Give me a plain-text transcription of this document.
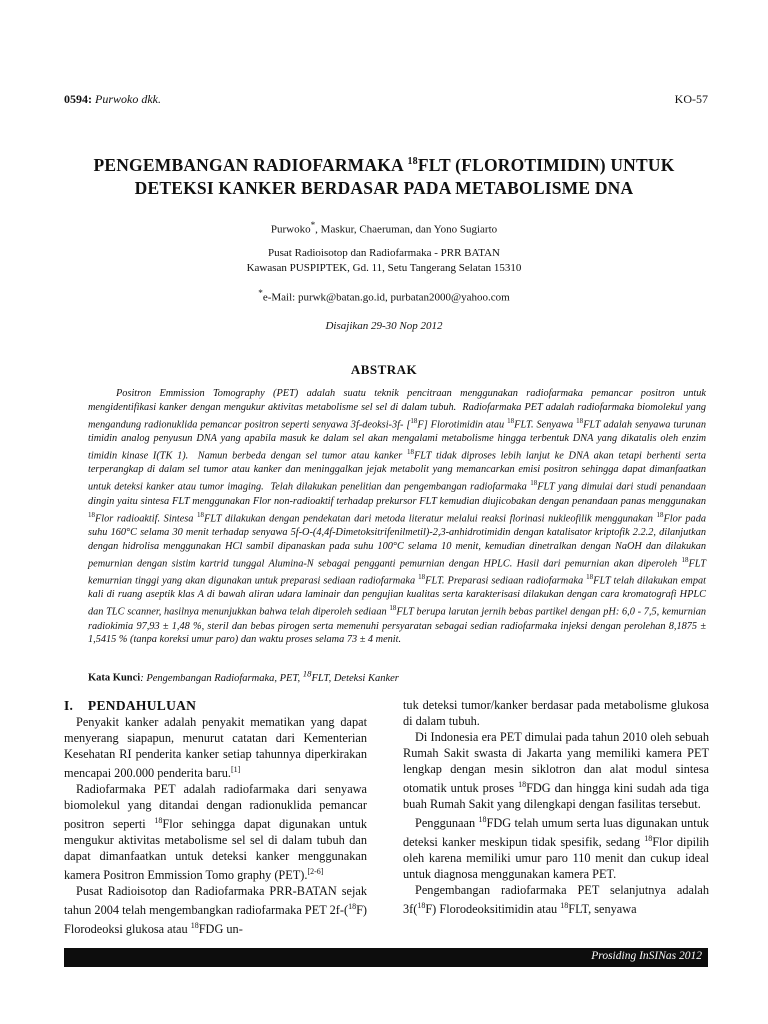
0594: Purwoko dkk.	KO-57
PENGEMBANGAN RADIOFARMAKA $^{18}$FLT (FLOROTIMIDIN) UNTUK
DETEKSI KANKER BERDASAR PADA METABOLISME DNA
Purwoko*, Maskur, Chaeruman, dan Yono Sugiarto
Pusat Radioisotop dan Radiofarmaka - PRR BATAN
Kawasan PUSPIPTEK, Gd. 11, Setu Tangerang Selatan 15310
*e-Mail: purwk@batan.go.id, purbatan2000@yahoo.com
Disajikan 29-30 Nop 2012
ABSTRAK
Positron Emmission Tomography (PET) adalah suatu teknik pencitraan menggunakan radiofarmaka pemancar positron untuk mengidentifikasi kanker dengan mengukur aktivitas metabolisme sel sel di dalam tubuh.  Radiofarmaka PET adalah radiofarmaka biomolekul yang mengandung radionuklida pemancar positron seperti senyawa 3f-deoksi-3f- [$^{18}$F] Florotimidin atau $^{18}$FLT. Senyawa $^{18}$FLT adalah senyawa turunan timidin analog penyusun DNA yang apabila masuk ke dalam sel akan mengalami metabolisme hingga terbentuk DNA yang dikatalis oleh enzim timidin kinase I(TK 1).  Namun berbeda dengan sel tumor atau kanker $^{18}$FLT tidak diproses lebih lanjut ke DNA akan tetapi berhenti serta terperangkap di dalam sel tumor atau kanker dan meninggalkan jejak metabolit yang memancarkan emisi positron sehingga dapat dimanfaatkan untuk deteksi kanker atau tumor imaging.  Telah dilakukan penelitian dan pengembangan radiofarmaka $^{18}$FLT yang dimulai dari studi penandaan dingin yaitu sintesa FLT menggunakan Flor non-radioaktif terhadap prekursor FLT kemudian diujicobakan dengan penandaan panas menggunakan $^{18}$Flor radioaktif. Sintesa $^{18}$FLT dilakukan dengan pendekatan dari metoda literatur melalui reaksi florinasi nukleofilik menggunakan $^{18}$Flor pada suhu 160°C selama 30 menit terhadap senyawa 5f-O-(4,4f-Dimetoksitrifenilmetil)-2,3-anhidrotimidin dengan katalisator kriptofik 2.2.2, dilanjutkan dengan hidrolisa menggunakan HCl sambil dipanaskan pada suhu 100°C selama 10 menit, kemudian dinetralkan dengan NaOH dan dilakukan pemurnian dengan sistim kartrid tunggal Alumina-N sebagai pengganti pemurnian dengan HPLC. Hasil dari pemurnian akan diperoleh $^{18}$FLT kemurnian tinggi yang akan digunakan untuk preparasi sediaan radiofarmaka $^{18}$FLT. Preparasi sediaan radiofarmaka $^{18}$FLT telah dilakukan empat kali di ruang aseptik klas A di bawah aliran udara laminair dan pengujian kualitas serta karakterisasi dilakukan dengan cara kromatografi HPLC dan TLC scanner, hasilnya menunjukkan bahwa telah diperoleh sediaan $^{18}$FLT berupa larutan jernih bebas partikel dengan pH: 6,0 - 7,5, kemurnian radiokimia 97,93 ± 1,48 %, steril dan bebas pirogen serta memenuhi persyaratan sebagai sedian radiofarmaka injeksi dengan perolehan 8,1875 ± 1,5415 % (tanpa koreksi umur paro) dan waktu proses selama 73 ± 4 menit.
Kata Kunci: Pengembangan Radiofarmaka, PET, $^{18}$FLT, Deteksi Kanker
I.    PENDAHULUAN

Penyakit kanker adalah penyakit mematikan yang dapat menyerang siapapun, menurut catatan dari Kementerian Kesehatan RI penderita kanker setiap tahunnya diperkirakan mencapai 200.000 penderita baru.[1]

Radiofarmaka PET adalah radiofarmaka dari senyawa biomolekul yang ditandai dengan radionuklida pemancar positron seperti $^{18}$Flor sehingga dapat digunakan untuk mengukur aktivitas metabolisme sel sel di dalam tubuh dan dapat dimanfaatkan untuk deteksi kanker menggunakan kamera Positron Emmission Tomo graphy (PET).[2-6]

Pusat Radioisotop dan Radiofarmaka PRR-BATAN sejak tahun 2004 telah mengembangkan radiofarmaka PET 2f-($^{18}$F) Florodeoksi glukosa atau $^{18}$FDG un-

tuk deteksi tumor/kanker berdasar pada metabolisme glukosa di dalam tubuh.

Di Indonesia era PET dimulai pada tahun 2010 oleh sebuah Rumah Sakit swasta di Jakarta yang memiliki kamera PET lengkap dengan mesin siklotron dan alat modul sintesa otomatik untuk proses $^{18}$FDG dan hingga kini sudah ada tiga buah Rumah Sakit yang dilengkapi dengan fasilitas tersebut.

Penggunaan $^{18}$FDG telah umum serta luas digunakan untuk deteksi kanker meskipun tidak spesifik, sedang $^{18}$Flor dipilih oleh karena memiliki umur paro 110 menit dan cukup ideal untuk diagnosa menggunakan kamera PET.

Pengembangan radiofarmaka PET selanjutnya adalah 3f($^{18}$F) Florodeoksitimidin atau $^{18}$FLT, senyawa

Prosiding InSINas 2012
